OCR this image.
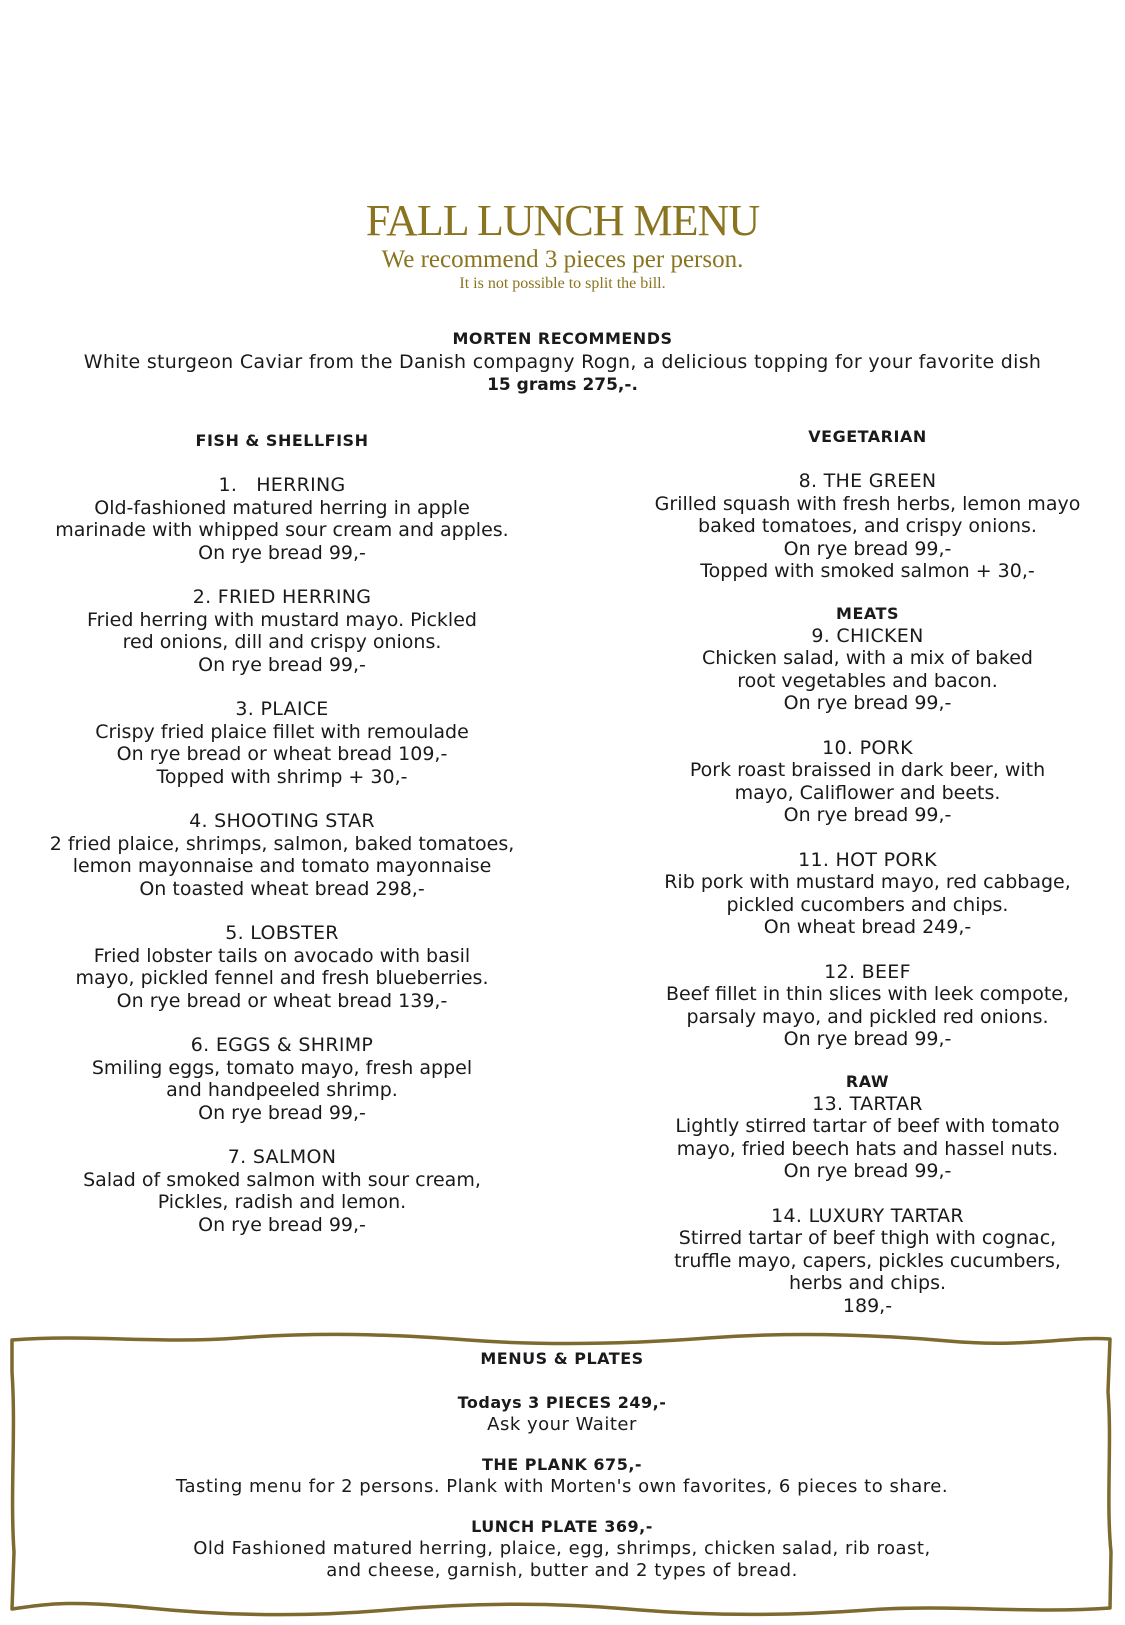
FALL LUNCH MENU
We recommend 3 pieces per person.
It is not possible to split the bill.
MORTEN RECOMMENDS
White sturgeon Caviar from the Danish compagny Rogn, a delicious topping for your favorite dish
15 grams 275,-.
FISH & SHELLFISH
1.   HERRING
Old-fashioned matured herring in apple
marinade with whipped sour cream and apples.
On rye bread 99,-
2. FRIED HERRING
Fried herring with mustard mayo. Pickled
red onions, dill and crispy onions.
On rye bread 99,-
3. PLAICE
Crispy fried plaice fillet with remoulade
On rye bread or wheat bread 109,-
Topped with shrimp + 30,-
4. SHOOTING STAR
2 fried plaice, shrimps, salmon, baked tomatoes,
lemon mayonnaise and tomato mayonnaise
On toasted wheat bread 298,-
5. LOBSTER
Fried lobster tails on avocado with basil
mayo, pickled fennel and fresh blueberries.
On rye bread or wheat bread 139,-
6. EGGS & SHRIMP
Smiling eggs, tomato mayo, fresh appel
and handpeeled shrimp.
On rye bread 99,-
7. SALMON
Salad of smoked salmon with sour cream,
Pickles, radish and lemon.
On rye bread 99,-
VEGETARIAN
8. THE GREEN
Grilled squash with fresh herbs, lemon mayo
baked tomatoes, and crispy onions.
On rye bread 99,-
Topped with smoked salmon + 30,-
MEATS
9. CHICKEN
Chicken salad, with a mix of baked
root vegetables and bacon.
On rye bread 99,-
10. PORK
Pork roast braissed in dark beer, with
mayo, Califlower and beets.
On rye bread 99,-
11. HOT PORK
Rib pork with mustard mayo, red cabbage,
pickled cucombers and chips.
On wheat bread 249,-
12. BEEF
Beef fillet in thin slices with leek compote,
parsaly mayo, and pickled red onions.
On rye bread 99,-
RAW
13. TARTAR
Lightly stirred tartar of beef with tomato
mayo, fried beech hats and hassel nuts.
On rye bread 99,-
14. LUXURY TARTAR
Stirred tartar of beef thigh with cognac,
truffle mayo, capers, pickles cucumbers,
herbs and chips.
189,-
MENUS & PLATES
Todays 3 PIECES 249,-
Ask your Waiter
THE PLANK 675,-
Tasting menu for 2 persons. Plank with Morten's own favorites, 6 pieces to share.
LUNCH PLATE 369,-
Old Fashioned matured herring, plaice, egg, shrimps, chicken salad, rib roast,
and cheese, garnish, butter and 2 types of bread.
